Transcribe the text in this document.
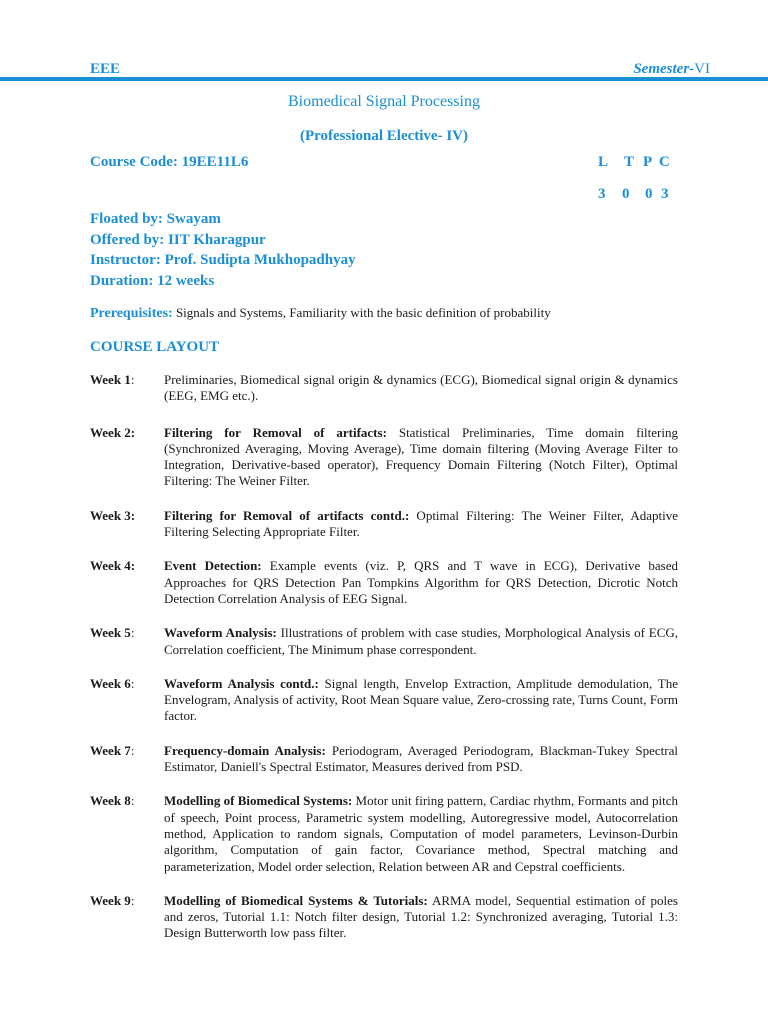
EEE	Semester-VI
Biomedical Signal Processing
(Professional Elective- IV)
Course Code: 19EE11L6	L	T P C
3	0	0 3
Floated by: Swayam
Offered by: IIT Kharagpur
Instructor: Prof. Sudipta Mukhopadhyay
Duration: 12 weeks
Prerequisites: Signals and Systems, Familiarity with the basic definition of probability
COURSE LAYOUT
Week 1:	Preliminaries, Biomedical signal origin & dynamics (ECG), Biomedical signal origin & dynamics (EEG, EMG etc.).
Week 2:	Filtering for Removal of artifacts: Statistical Preliminaries, Time domain filtering (Synchronized Averaging, Moving Average), Time domain filtering (Moving Average Filter to Integration, Derivative-based operator), Frequency Domain Filtering (Notch Filter), Optimal Filtering: The Weiner Filter.
Week 3:	Filtering for Removal of artifacts contd.: Optimal Filtering: The Weiner Filter, Adaptive Filtering Selecting Appropriate Filter.
Week 4:	Event Detection: Example events (viz. P, QRS and T wave in ECG), Derivative based Approaches for QRS Detection Pan Tompkins Algorithm for QRS Detection, Dicrotic Notch Detection Correlation Analysis of EEG Signal.
Week 5:	Waveform Analysis: Illustrations of problem with case studies, Morphological Analysis of ECG, Correlation coefficient, The Minimum phase correspondent.
Week 6:	Waveform Analysis contd.: Signal length, Envelop Extraction, Amplitude demodulation, The Envelogram, Analysis of activity, Root Mean Square value, Zero-crossing rate, Turns Count, Form factor.
Week 7:	Frequency-domain Analysis: Periodogram, Averaged Periodogram, Blackman-Tukey Spectral Estimator, Daniell's Spectral Estimator, Measures derived from PSD.
Week 8:	Modelling of Biomedical Systems: Motor unit firing pattern, Cardiac rhythm, Formants and pitch of speech, Point process, Parametric system modelling, Autoregressive model, Autocorrelation method, Application to random signals, Computation of model parameters, Levinson-Durbin algorithm, Computation of gain factor, Covariance method, Spectral matching and parameterization, Model order selection, Relation between AR and Cepstral coefficients.
Week 9:	Modelling of Biomedical Systems & Tutorials: ARMA model, Sequential estimation of poles and zeros, Tutorial 1.1: Notch filter design, Tutorial 1.2: Synchronized averaging, Tutorial 1.3: Design Butterworth low pass filter.
